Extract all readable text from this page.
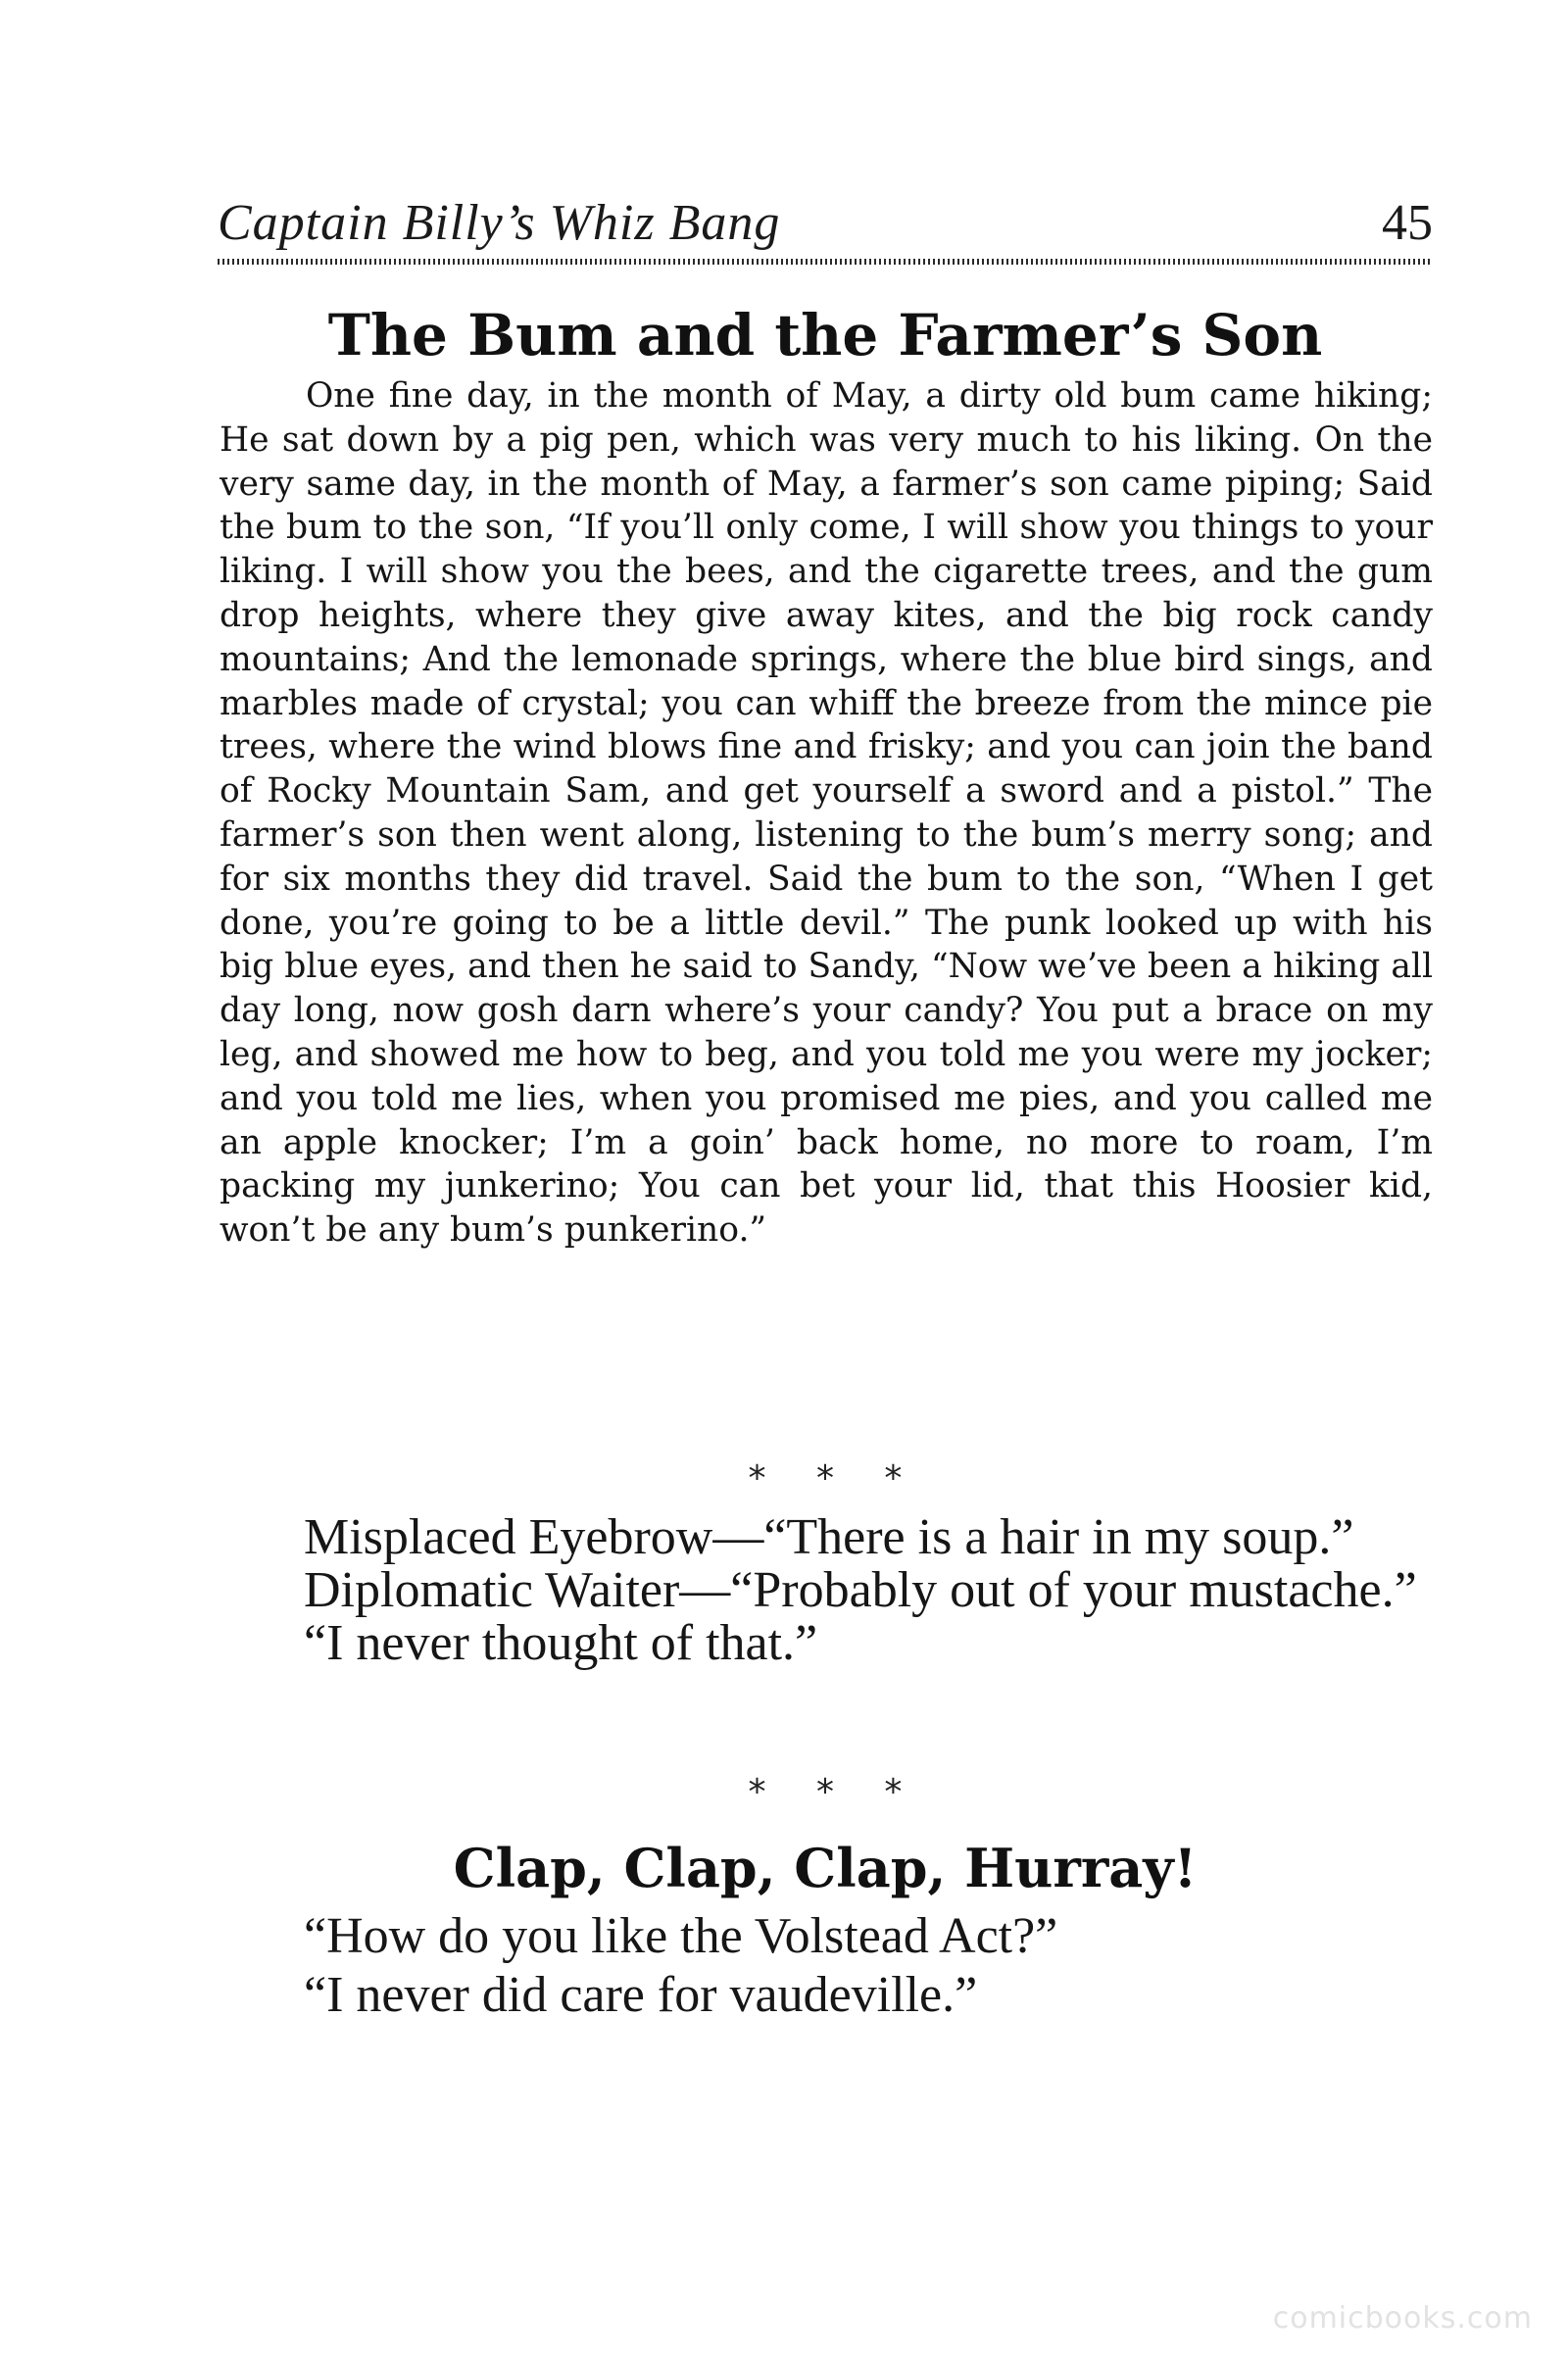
Captain Billy’s Whiz Bang	45
The Bum and the Farmer’s Son

One fine day, in the month of May, a dirty old bum came hiking; He sat down by a pig pen, which was very much to his liking. On the very same day, in the month of May, a farmer’s son came piping; Said the bum to the son, “If you’ll only come, I will show you things to your liking. I will show you the bees, and the cigarette trees, and the gum drop heights, where they give away kites, and the big rock candy mountains; And the lemonade springs, where the blue bird sings, and marbles made of crystal; you can whiff the breeze from the mince pie trees, where the wind blows fine and frisky; and you can join the band of Rocky Mountain Sam, and get yourself a sword and a pistol.” The farmer’s son then went along, listening to the bum’s merry song; and for six months they did travel. Said the bum to the son, “When I get done, you’re going to be a little devil.” The punk looked up with his big blue eyes, and then he said to Sandy, “Now we’ve been a hiking all day long, now gosh darn where’s your candy? You put a brace on my leg, and showed me how to beg, and you told me you were my jocker; and you told me lies, when you promised me pies, and you called me an apple knocker; I’m a goin’ back home, no more to roam, I’m packing my junkerino; You can bet your lid, that this Hoosier kid, won’t be any bum’s punkerino.”

* * *

Misplaced Eyebrow—“There is a hair in my soup.”

Diplomatic Waiter—“Probably out of your mustache.”

“I never thought of that.”

* * *
Clap, Clap, Clap, Hurray!

“How do you like the Volstead Act?”

“I never did care for vaudeville.”

comicbooks.com
